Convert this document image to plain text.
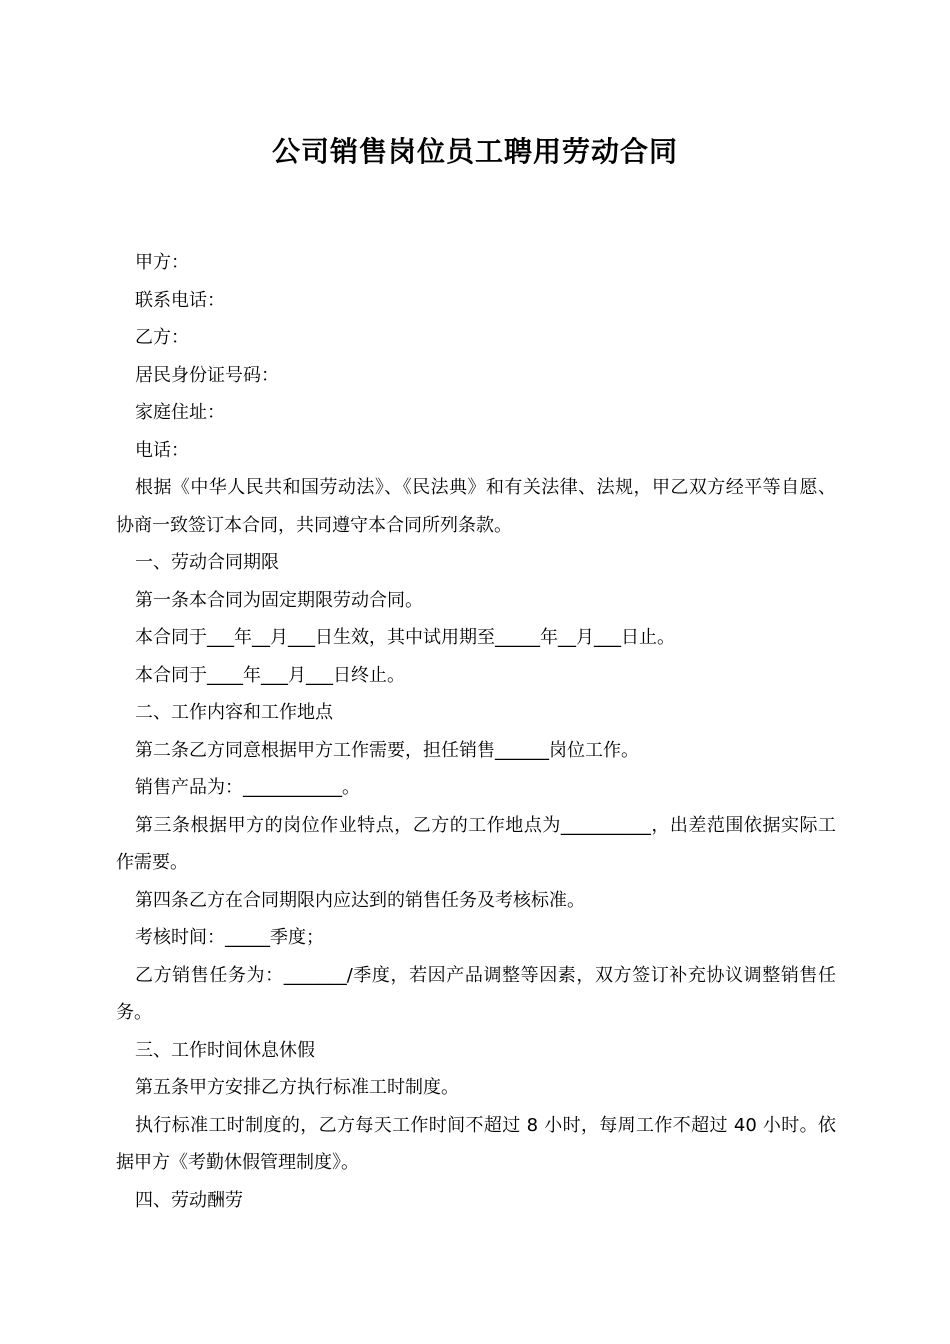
公司销售岗位员工聘用劳动合同

甲方：

联系电话：

乙方：

居民身份证号码：

家庭住址：

电话：

根据《中华人民共和国劳动法》、《民法典》和有关法律、法规，甲乙双方经平等自愿、协商一致签订本合同，共同遵守本合同所列条款。

一、劳动合同期限

第一条本合同为固定期限劳动合同。

本合同于___年__月___日生效，其中试用期至_____年__月___日止。

本合同于____年___月___日终止。

二、工作内容和工作地点

第二条乙方同意根据甲方工作需要，担任销售______岗位工作。

销售产品为：___________。

第三条根据甲方的岗位作业特点，乙方的工作地点为__________，出差范围依据实际工作需要。

第四条乙方在合同期限内应达到的销售任务及考核标准。

考核时间：_____季度；

乙方销售任务为：_______/季度，若因产品调整等因素，双方签订补充协议调整销售任务。

三、工作时间休息休假

第五条甲方安排乙方执行标准工时制度。

执行标准工时制度的，乙方每天工作时间不超过 8 小时，每周工作不超过 40 小时。依据甲方《考勤休假管理制度》。

四、劳动酬劳
